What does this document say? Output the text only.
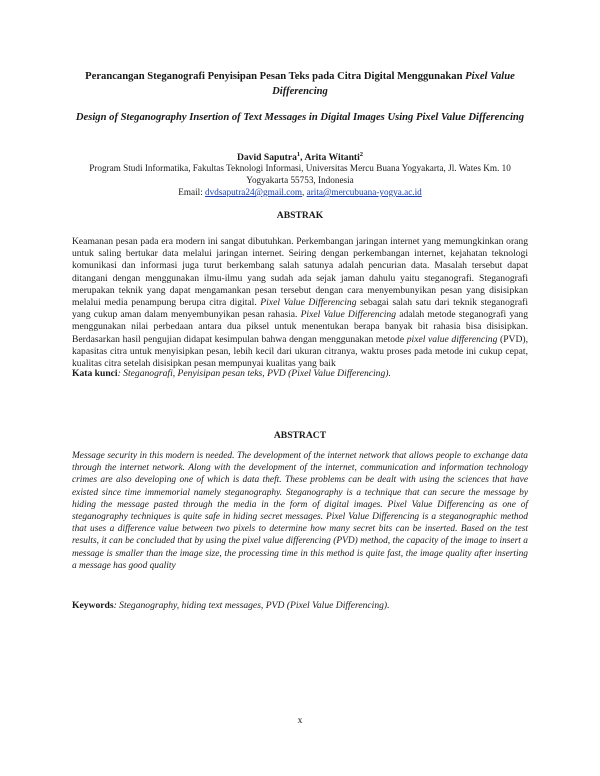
Perancangan Steganografi Penyisipan Pesan Teks pada Citra Digital Menggunakan Pixel Value Differencing
Design of Steganography Insertion of Text Messages in Digital Images Using Pixel Value Differencing
David Saputra$^1$, Arita Witanti$^2$
Program Studi Informatika, Fakultas Teknologi Informasi, Universitas Mercu Buana Yogyakarta, Jl. Wates Km. 10 Yogyakarta 55753, Indonesia
Email: dvdsaputra24@gmail.com, arita@mercubuana-yogya.ac.id
ABSTRAK

Keamanan pesan pada era modern ini sangat dibutuhkan. Perkembangan jaringan internet yang memungkinkan orang untuk saling bertukar data melalui jaringan internet. Seiring dengan perkembangan internet, kejahatan teknologi komunikasi dan informasi juga turut berkembang salah satunya adalah pencurian data. Masalah tersebut dapat ditangani dengan menggunakan ilmu-ilmu yang sudah ada sejak jaman dahulu yaitu steganografi. Steganografi merupakan teknik yang dapat mengamankan pesan tersebut dengan cara menyembunyikan pesan yang disisipkan melalui media penampung berupa citra digital. Pixel Value Differencing sebagai salah satu dari teknik steganografi yang cukup aman dalam menyembunyikan pesan rahasia. Pixel Value Differencing adalah metode steganografi yang menggunakan nilai perbedaan antara dua piksel untuk menentukan berapa banyak bit rahasia bisa disisipkan. Berdasarkan hasil pengujian didapat kesimpulan bahwa dengan menggunakan metode pixel value differencing (PVD), kapasitas citra untuk menyisipkan pesan, lebih kecil dari ukuran citranya, waktu proses pada metode ini cukup cepat, kualitas citra setelah disisipkan pesan mempunyai kualitas yang baik

Kata kunci: Steganografi, Penyisipan pesan teks, PVD (Pixel Value Differencing).

ABSTRACT

Message security in this modern is needed. The development of the internet network that allows people to exchange data through the internet network. Along with the development of the internet, communication and information technology crimes are also developing one of which is data theft. These problems can be dealt with using the sciences that have existed since time immemorial namely steganography. Steganography is a technique that can secure the message by hiding the message pasted through the media in the form of digital images. Pixel Value Differencing as one of steganography techniques is quite safe in hiding secret messages. Pixel Value Differencing is a steganographic method that uses a difference value between two pixels to determine how many secret bits can be inserted. Based on the test results, it can be concluded that by using the pixel value differencing (PVD) method, the capacity of the image to insert a message is smaller than the image size, the processing time in this method is quite fast, the image quality after inserting a message has good quality

Keywords: Steganography, hiding text messages, PVD (Pixel Value Differencing).

x
